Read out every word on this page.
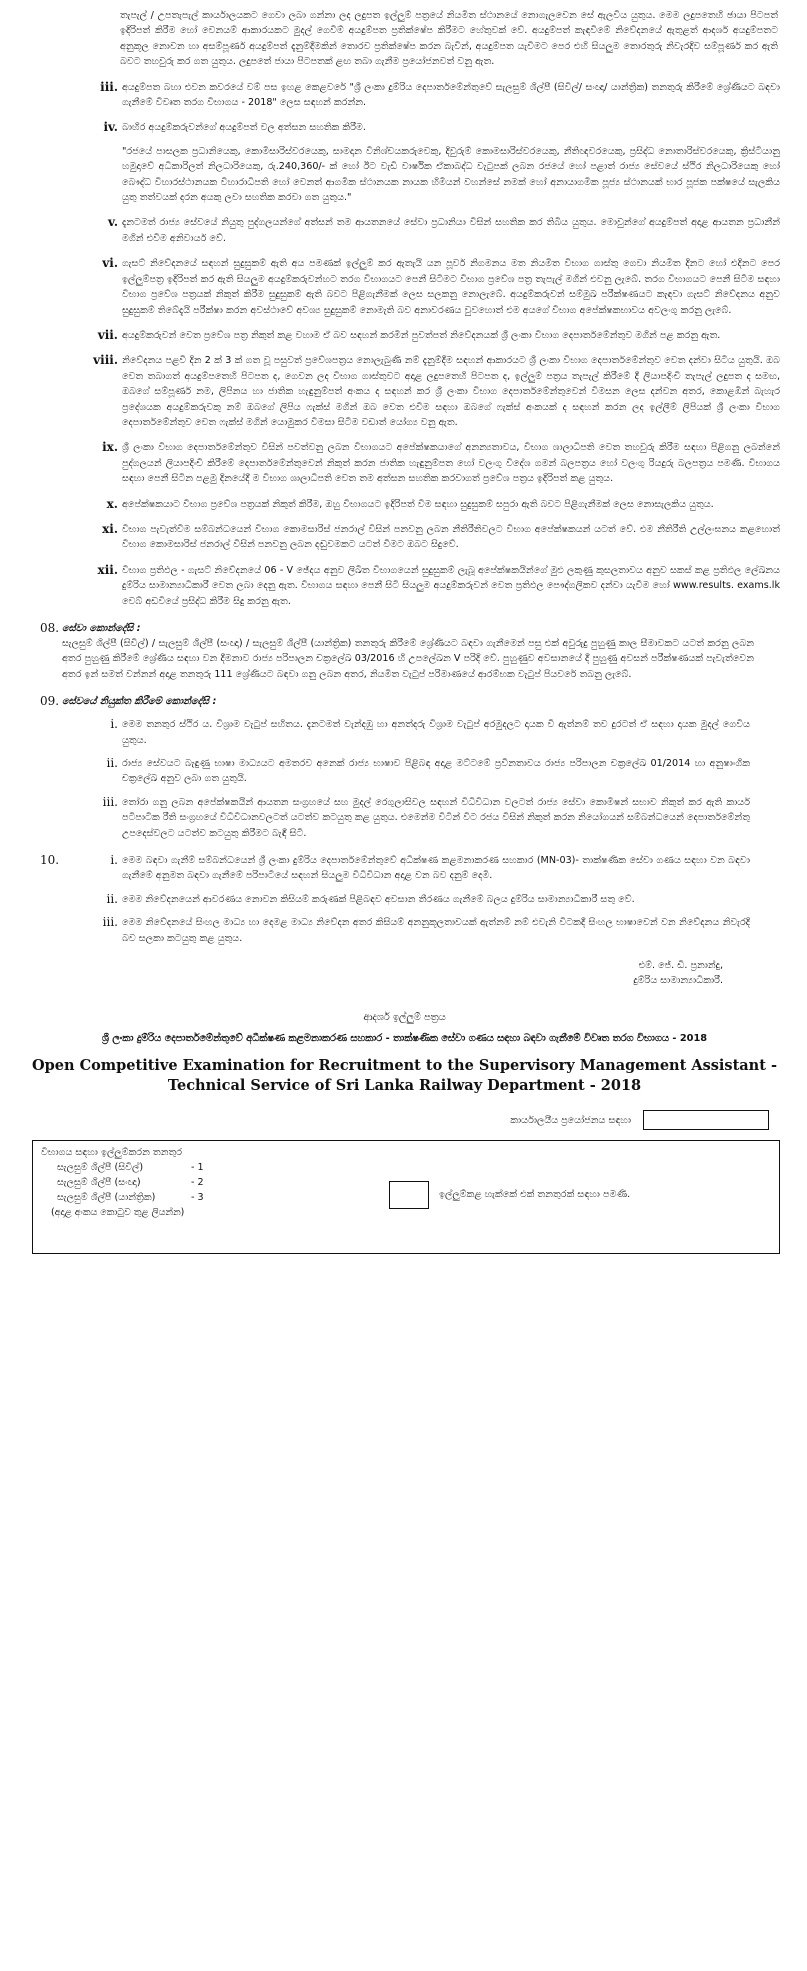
තැපැල් / උපතැපැල් කාර්යාලයකට ගෙවා ලබා ගන්නා ලද ලදුපත ඉල්ලුම් පත්‍රයේ නියමිත ස්ථානයේ නොගැලවෙන සේ ඇලවිය යුතුය. මෙම ලදුපතෙහි ඡායා පිටපත් ඉදිරිපත් කිරීම හෝ වෙනයම් ආකාරයකට මුදල් ගෙවීම් අයදුම්පත ප්‍රතික්ෂේප කිරීමට හේතුවක් වේ. අයදුම්පත් කැඳවීමේ නිවේදනයේ ඇතුළත් ආදර්ශ අයදුම්පතට අනුකූල නොවන හා අසම්පූර්ණ අයදුම්පත් දැනුම්දීමකින් තොරව ප්‍රතික්ෂේප කරන බැවින්, අයදුම්පත යැවීමට පෙර එහි සියලුම තොරතුරු නිවැරදිව සම්පූර්ණ කර ඇති බවට තහවුරු කර ගත යුතුය. ලදුපතේ ජායා පිටපතක් ළඟ තබා ගැනීම ප්‍රයෝජනවත් වනු ඇත.
iii. අයදුම්පත බහා එවන කවරයේ වම් පස ඉහළ කෙළවරේ "ශ්‍රී ලංකා දුම්රිය දෙපාර්තමේන්තුවේ සැලසුම් ශිල්පී (සිවිල්/ සංඥා/ යාන්ත්‍රික) තනතුරු කිරීමේ ශ්‍රේණියට බඳවා ගැනීමේ විවෘත තරග විභාගය - 2018" ලෙස සඳහන් කරන්න.
iv. බාහිර අයදුම්කරුවන්ගේ අයදුම්පත් වල අත්සන සහතික කිරීම.
"රජයේ පාසලක ප්‍රධානියෙකු, කොමිසාරිස්වරයෙකු, සාමදාන විනිශ්චයකරුවෙකු, දිවුරුම් කොමසාරිස්වරයෙකු, නීතිඥවරයෙකු, ප්‍රසිද්ධ නොතාරිස්වරයෙකු, ක්‍රිස්ටියානු හමුදාවේ අධිකාරිලත් නිලධාරියෙකු, රු.240,360/- ක් හෝ ඊට වැඩි වාර්ෂික ඒකාබද්ධ වැටුපක් ලබන රජයේ හෝ පළාත් රාජ්‍ය සේවයේ ස්ථිර නිලධාරියෙකු හෝ බෞද්ධ විහාරස්ථානයක විහාරාධිපති හෝ වෙනත් ආගමික ස්ථානයක නායක හිමියන් වහන්සේ නමක් හෝ අනායාගමික පූජ්‍ය ස්ථානයක් භාර පූජක පක්ෂයේ සැලකිය යුතු තත්වයක් දරන අයකු ලවා සහතික කරවා ගත යුතුය."
v. දැනටමත් රාජ්‍ය සේවයේ නියුතු පුද්ගලයන්ගේ අත්සන් තම ආයතනයේ සේවා ප්‍රධානියා විසින් සහතික කර තිබිය යුතුය. මොවුන්ගේ අයදුම්පත් අදාළ ආයතන ප්‍රධානීන් මගින් එවීම අනිවාර්ය වේ.
vi. ගැසට් නිවේදනයේ සඳහන් සුදුසුකම් ඇති අය පමණක් ඉල්ලුම් කර ඇතැයි යන පූර්ව නිගමනය මත නියමිත විභාග ගාස්තු ගෙවා නියමිත දිනට හෝ එදිනට පෙර ඉල්ලුම්පත්‍ර ඉදිරිපත් කර ඇති සියලුම අයදුම්කරුවන්හට තරග විභාගයට පෙනී සිටීමට විභාග ප්‍රවේශ පත්‍ර තැපැල් මගින් එවනු ලැබේ. තරග විභාගයට පෙනී සිටීම සඳහා විභාග ප්‍රවේශ පත්‍රයක් නිකුත් කිරීම සුදුසුකම් ඇති බවට පිළිගැනීමක් ලෙස සලකනු නොලැබේ. අයදුම්කරුවන් සම්මුඛ පරීක්ෂණයට කැඳවා ගැසට් නිවේදනය අනුව සුදුසුකම් තිබේදැයි පරීක්ෂා කරන අවස්ථාවේ අවශ්‍ය සුදුසුකම් නොමැති බව අනාවරණය වුවහොත් එම අයගේ විභාග අපේක්ෂකභාවය අවලංගු කරනු ලැබේ.
vii. අයදුම්කරුවන් වෙත ප්‍රවේශ පත්‍ර නිකුත් කළ වහාම ඒ බව සඳහන් කරමින් පුවත්පත් නිවේදනයක් ශ්‍රී ලංකා විභාග දෙපාර්තමේන්තුව මගින් පළ කරනු ඇත.
viii. නිවේදනය පළවී දින 2 ක් 3 ක් ගත වූ පසුවත් ප්‍රවේශපත්‍රය නොලැබුණි නම් දැනුම්දීම සඳහන් ආකාරයට ශ්‍රී ලංකා විභාග දෙපාර්තමේන්තුව වෙත දන්වා සිටිය යුතුයි. ඔබ වෙත තබාගත් අයදුම්පතෙහි පිටපත ද, ගෙවන ලද විභාග ගාස්තුවට අදාළ ලදුපතෙහි පිටපත ද, ඉල්ලුම් පත්‍රය තැපැල් කිරීමේ දී ලියාපදිංචි තැපැල් ලදුපත ද සමඟ, ඔබගේ සම්පූර්ණ නම, ලිපිනය හා ජාතික හැඳුනුම්පත් අංකය ද සඳහන් කර ශ්‍රී ලංකා විභාග දෙපාර්තමේන්තුවෙන් විමසන ලෙස දන්වන අතර, කොළඹින් බැහැර ප්‍රදේශයක අයදුම්කරුවකු නම් ඔබගේ ලිපිය ෆැක්ස් මගින් ඔබ වෙත එවීම සඳහා ඔබගේ ෆැක්ස් අංකයක් ද සඳහන් කරන ලද ඉල්ලීම් ලිපියක් ශ්‍රී ලංකා විභාග දෙපාර්තමේන්තුව වෙත ෆැක්ස් මගින් යොමුකර විමසා සිටීම වඩාත් යෝග්‍ය වනු ඇත.
ix. ශ්‍රී ලංකා විභාග දෙපාර්තමේන්තුව විසින් පවත්වනු ලබන විභාගයට අපේක්ෂකයාගේ අනන්‍යතාවය, විභාග ශාලාධිපති වෙත තහවුරු කිරීම සඳහා පිළිගනු ලබන්නේ පුද්ගලයන් ලියාපදිංචි කිරීමේ දෙපාර්තමේන්තුවෙන් නිකුත් කරන ජාතික හැඳුනුම්පත හෝ වලංගු විදේශ ගමන් බලපත්‍රය හෝ වලංගු රියදුරු බලපත්‍රය පමණි. විභාගය සඳහා පෙනී සිටින පළමු දිනයේදී ම විභාග ශාලාධිපති වෙත තම අත්සන සහතික කරවාගත් ප්‍රවේශ පත්‍රය ඉදිරිපත් කළ යුතුය.
x. අපේක්ෂකයාට විභාග ප්‍රවේශ පත්‍රයක් නිකුත් කිරීම, ඔහු විභාගයට ඉදිරිපත් වීම සඳහා සුදුසුකම් සපුරා ඇති බවට පිළිගැනීමක් ලෙස නොසැලකිය යුතුය.
xi. විභාග පැවැත්වීම සම්බන්ධයෙන් විභාග කොමසාරිස් ජනරාල් විසින් පනවනු ලබන නීතිරීතිවලට විභාග අපේක්ෂකයන් යටත් වේ. එම නීතිරීති උල්ලංඝනය කළහොත් විභාග කොමසාරිස් ජනරාල් විසින් පනවනු ලබන දඬුවමකට යටත් වීමට ඔබට සිදුවේ.
xii. විභාග ප්‍රතිඵල - ගැසට් නිවේදනයේ 06 - V ඡේදය අනුව ලිඛිත විභාගයෙන් සුදුසුකම් ලැබූ අපේක්ෂකයින්ගේ මුළු ලකුණු කුසලතාවය අනුව සකස් කළ ප්‍රතිඵල ලේඛනය දුම්රිය සාමාන්‍යාධිකාරී වෙත ලබා දෙනු ඇත. විභාගය සඳහා පෙනී සිටි සියලුම අයදුම්කරුවන් වෙත ප්‍රතිඵල පෞද්ගලිකව දන්වා යැවීම හෝ www.results. exams.lk වෙබ් අඩවියේ ප්‍රසිද්ධ කිරීම සිදු කරනු ඇත.
08. සේවා කොන්දේසි :
සැලසුම් ශිල්පී (සිවිල්) / සැලසුම් ශිල්පී (සංඥා) / සැලසුම් ශිල්පී (යාන්ත්‍රික) තනතුරු කිරීමේ ශ්‍රේණියට බඳවා ගැනීමෙන් පසු එක් අවුරුදු පුහුණු කාල සීමාවකට යටත් කරනු ලබන අතර පුහුණු කිරීමේ ශ්‍රේණිය සඳහා වන දීමනාව රාජ්‍ය පරිපාලන චක්‍රලේඛ 03/2016 හි උපලේඛන V පරිදි වේ. පුහුණුව අවසානයේ දී පුහුණු අවසන් පරීක්ෂණයක් පැවැත්වෙන අතර ඉන් සමත් වන්නන් අදාළ තනතුරු 111 ශ්‍රේණියට බඳවා ගනු ලබන අතර, නියමිත වැටුප් පරිමාණයේ ආරම්භක වැටුප් පියවරේ තබනු ලැබේ.
09. සේවයේ නියුක්ත කිරීමේ කොන්දේසි :
i. මෙම තනතුර ස්ථිර ය. විශ්‍රාම වැටුප් සහිතය. දැනටමත් වැන්දඹු හා අනත්දරු විශ්‍රාම වැටුප් අරමුදලට දායක වී ඇත්නම් තව දුරටත් ඒ සඳහා දායක මුදල් ගෙවිය යුතුය.
ii. රාජ්‍ය සේවයට බැඳුණු භාෂා මාධ්‍යයට අමතරව අනෙක් රාජ්‍ය භාෂාව පිළිබඳ අදාළ මට්ටමේ ප්‍රවීනතාවය රාජ්‍ය පරිපාලන චක්‍රලේඛ 01/2014 හා අනුෂාංගික චක්‍රලේඛ අනුව ලබා ගත යුතුයි.
iii. තෝරා ගනු ලබන අපේක්ෂකයින් ආයතන සංග්‍රහයේ සහ මුදල් රෙගුලාසිවල සඳහන් විධිවිධාන වලටත් රාජ්‍ය සේවා කොමිෂන් සභාව නිකුත් කර ඇති කාර්ය පටිපාටික රීති සංග්‍රහයේ විධිවිධානවලටත් යටත්ව කටයුතු කළ යුතුය. එමෙන්ම විටින් විට රජය විසින් නිකුත් කරන නියෝගයන් සම්බන්ධයෙන් දෙපාර්තමේන්තු උපදෙස්වලට යටත්ව කටයුතු කිරීමට බැඳී සිටී.
10.	i. මෙම බඳවා ගැනීම් සම්බන්ධයෙන් ශ්‍රී ලංකා දුම්රිය දෙපාර්තමේන්තුවේ අධීක්ෂණ කළමනාකරණ සහකාර (MN-03)- තාක්ෂණික සේවා ගණය සඳහා වන බඳවා ගැනීමේ අනුමත බඳවා ගැනීමේ පරිපාටියේ සඳහන් සියලුම විධිවිධාන අදාළ වන බව දනුම් දෙමි.
ii. මෙම නිවේදනයෙන් ආවරණය නොවන කිසියම් කරුණක් පිළිබඳව අවසාන තීරණය ගැනීමේ බලය දුම්රිය සාමාන්‍යාධිකාරී සතු වේ.
iii. මෙම නිවේදනයේ සිංහල මාධ්‍ය හා දෙමළ මාධ්‍ය නිවේදන අතර කිසියම් අනනුකූලතාවයක් ඇත්නම් නම් එවැනි විටකදී සිංහල භාෂාවෙන් වන නිවේදනය නිවැරදි බව සලකා කටයුතු කළ යුතුය.
එම්. ජේ. ඩී. ප්‍රනාන්දු,
දුම්රිය සාමාන්‍යාධිකාරී.
ආදර්ශ ඉල්ලුම් පත්‍රය
ශ්‍රී ලංකා දුම්රිය දෙපාර්තමේන්තුවේ අධීක්ෂණ කළමනාකරණ සහකාර - තාක්ෂණික සේවා ගණය සඳහා බඳවා ගැනීමේ විවෘත තරග විභාගය - 2018
Open Competitive Examination for Recruitment to the Supervisory Management Assistant - Technical Service of Sri Lanka Railway Department - 2018
කාර්යාලයීය ප්‍රයෝජනය සඳහා
විභාගය සඳහා ඉල්ලුම්කරන තනතුර
සැලසුම් ශිල්පී (සිවිල්)	- 1
සැලසුම් ශිල්පී (සංඥා)	- 2
සැලසුම් ශිල්පී (යාන්ත්‍රික)	- 3
(අදාළ අංකය කොටුව තුළ ලියන්න)
ඉල්ලුම්කළ හැක්කේ එක් තනතුරක් සඳහා පමණි.
